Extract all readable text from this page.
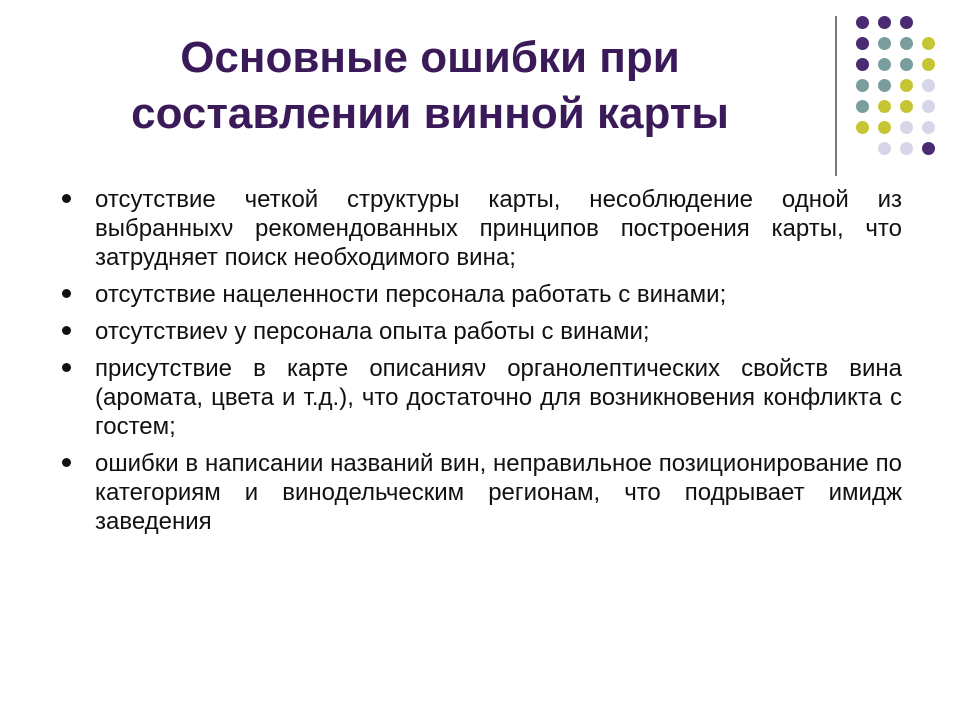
Основные ошибки при
составлении винной карты
отсутствие четкой структуры карты, несоблюдение одной из выбранныхν рекомендованных принципов построения карты, что затрудняет поиск необходимого вина;
отсутствие нацеленности персонала работать с винами;
отсутствиеν у персонала опыта работы с винами;
присутствие в карте описанияν органолептических свойств вина (аромата, цвета и т.д.), что достаточно для возникновения конфликта с гостем;
ошибки в написании названий вин, неправильное позиционирование по категориям и винодельческим регионам, что подрывает имидж заведения
